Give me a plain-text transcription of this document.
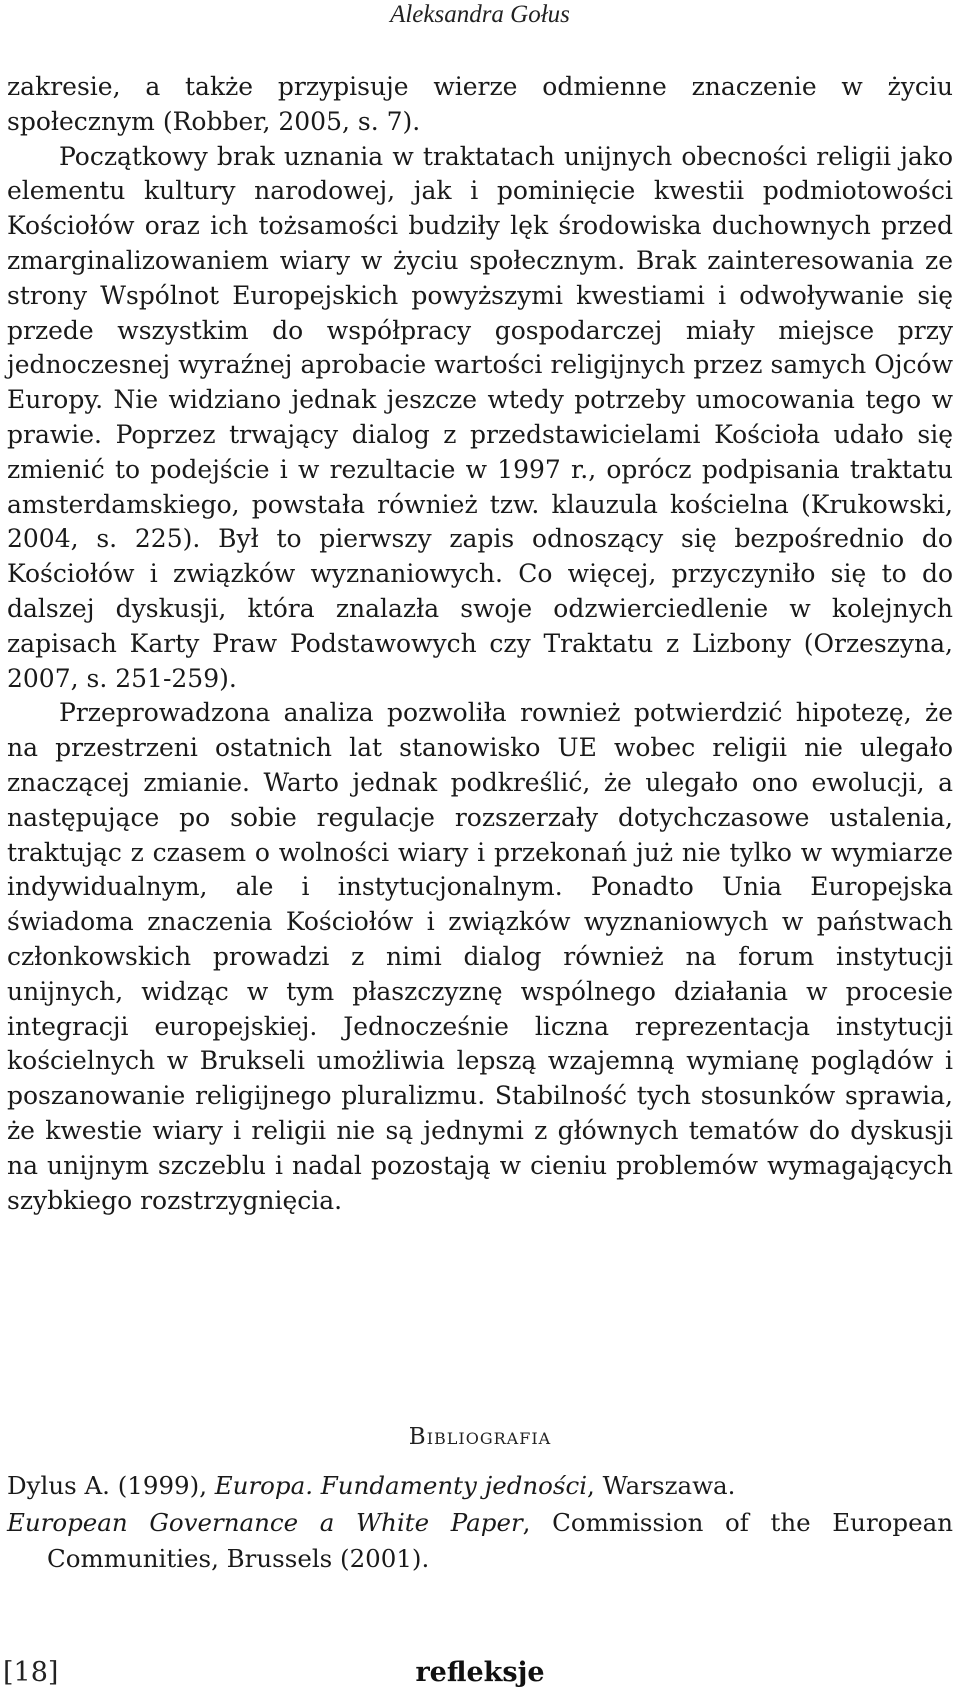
Aleksandra Gołus

zakresie, a także przypisuje wierze odmienne znaczenie w życiu społecznym (Robber, 2005, s. 7).

Początkowy brak uznania w traktatach unijnych obecności religii jako elementu kultury narodowej, jak i pominięcie kwestii podmiotowości Kościołów oraz ich tożsamości budziły lęk środowiska duchownych przed zmarginalizowaniem wiary w życiu społecznym. Brak zainteresowania ze strony Wspólnot Europejskich powyższymi kwestiami i odwoływanie się przede wszystkim do współpracy gospodarczej miały miejsce przy jednoczesnej wyraźnej aprobacie wartości religijnych przez samych Ojców Europy. Nie widziano jednak jeszcze wtedy potrzeby umocowania tego w prawie. Poprzez trwający dialog z przedstawicielami Kościoła udało się zmienić to podejście i w rezultacie w 1997 r., oprócz podpisania traktatu amsterdamskiego, powstała również tzw. klauzula kościelna (Krukowski, 2004, s. 225). Był to pierwszy zapis odnoszący się bezpośrednio do Kościołów i związków wyznaniowych. Co więcej, przyczyniło się to do dalszej dyskusji, która znalazła swoje odzwierciedlenie w kolejnych zapisach Karty Praw Podstawowych czy Traktatu z Lizbony (Orzeszyna, 2007, s. 251-259).

Przeprowadzona analiza pozwoliła rownież potwierdzić hipotezę, że na przestrzeni ostatnich lat stanowisko UE wobec religii nie ulegało znaczącej zmianie. Warto jednak podkreślić, że ulegało ono ewolucji, a następujące po sobie regulacje rozszerzały dotychczasowe ustalenia, traktując z czasem o wolności wiary i przekonań już nie tylko w wymiarze indywidualnym, ale i instytucjonalnym. Ponadto Unia Europejska świadoma znaczenia Kościołów i związków wyznaniowych w państwach członkowskich prowadzi z nimi dialog również na forum instytucji unijnych, widząc w tym płaszczyznę wspólnego działania w procesie integracji europejskiej. Jednocześnie liczna reprezentacja instytucji kościelnych w Brukseli umożliwia lepszą wzajemną wymianę poglądów i poszanowanie religijnego pluralizmu. Stabilność tych stosunków sprawia, że kwestie wiary i religii nie są jednymi z głównych tematów do dyskusji na unijnym szczeblu i nadal pozostają w cieniu problemów wymagających szybkiego rozstrzygnięcia.

Bibliografia

Dylus A. (1999), Europa. Fundamenty jedności, Warszawa.

European Governance a White Paper, Commission of the European Communities, Brussels (2001).

[18]	refleksje
